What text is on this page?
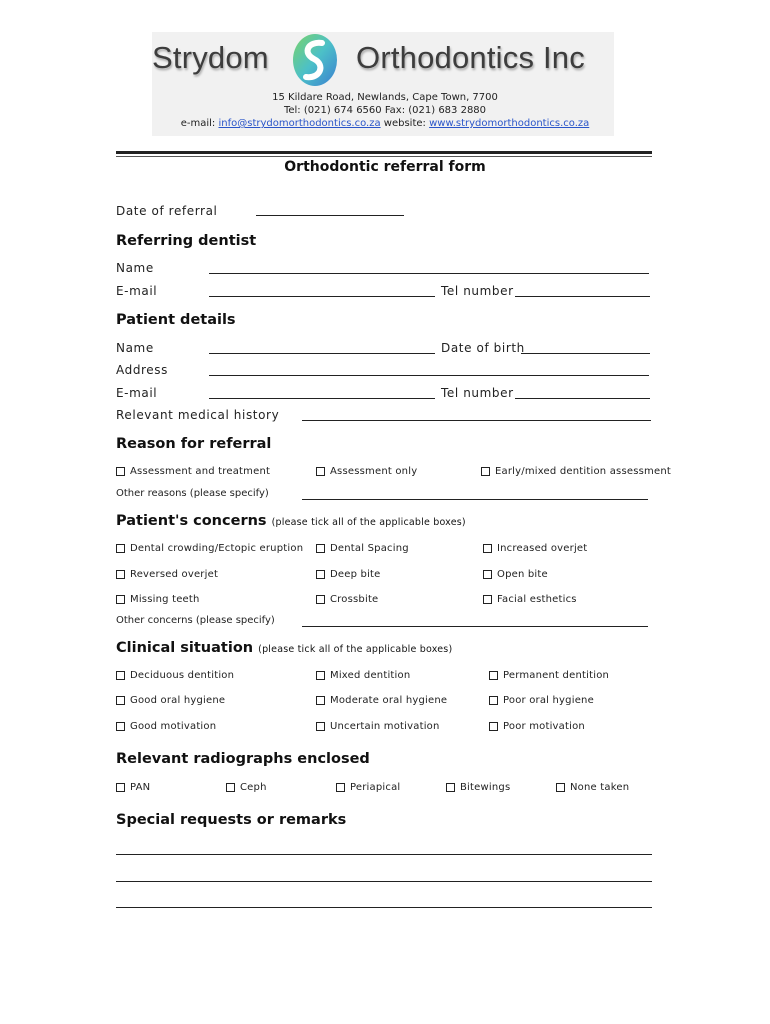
Strydom	Orthodontics Inc
15 Kildare Road, Newlands, Cape Town, 7700
Tel: (021) 674 6560 Fax: (021) 683 2880
e-mail: info@strydomorthodontics.co.za website: www.strydomorthodontics.co.za
Orthodontic referral form
Date of referral
Referring dentist
Name
E-mail	Tel number
Patient details
Name	Date of birth
Address
E-mail	Tel number
Relevant medical history
Reason for referral
Assessment and treatment	Assessment only	Early/mixed dentition assessment
Other reasons (please specify)
Patient's concerns (please tick all of the applicable boxes)
Dental crowding/Ectopic eruption	Dental Spacing	Increased overjet
Reversed overjet	Deep bite	Open bite
Missing teeth	Crossbite	Facial esthetics
Other concerns (please specify)
Clinical situation (please tick all of the applicable boxes)
Deciduous dentition	Mixed dentition	Permanent dentition
Good oral hygiene	Moderate oral hygiene	Poor oral hygiene
Good motivation	Uncertain motivation	Poor motivation
Relevant radiographs enclosed
PAN	Ceph	Periapical	Bitewings	None taken
Special requests or remarks
